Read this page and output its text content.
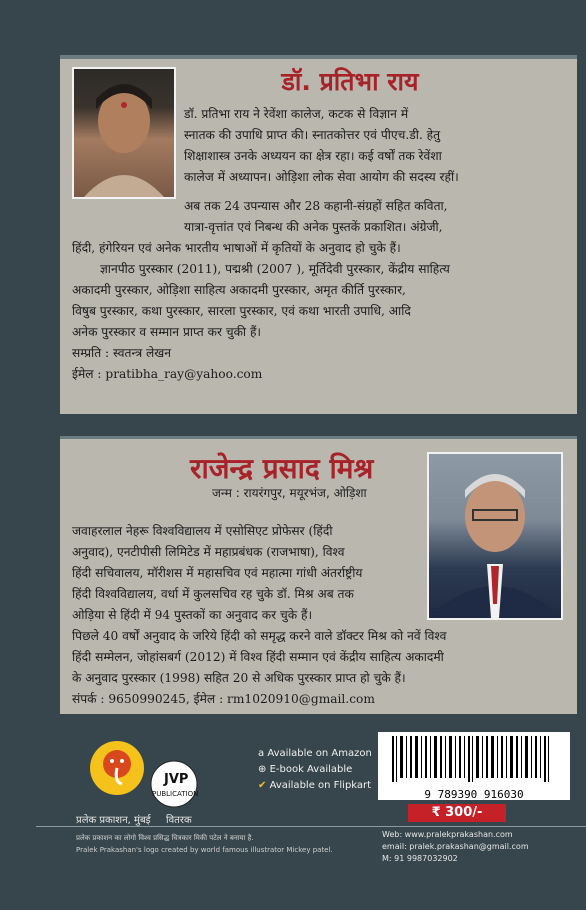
डॉ. प्रतिभा राय
डॉ. प्रतिभा राय ने रेवेंशा कालेज, कटक से विज्ञान में
स्नातक की उपाधि प्राप्त की। स्नातकोत्तर एवं पीएच.डी. हेतु
शिक्षाशास्त्र उनके अध्ययन का क्षेत्र रहा। कई वर्षों तक रेवेंशा
कालेज में अध्यापन। ओड़िशा लोक सेवा आयोग की सदस्य रहीं।
अब तक 24 उपन्यास और 28 कहानी-संग्रहों सहित कविता,
यात्रा-वृत्तांत एवं निबन्ध की अनेक पुस्तकें प्रकाशित। अंग्रेजी,
हिंदी, हंगेरियन एवं अनेक भारतीय भाषाओं में कृतियों के अनुवाद हो चुके हैं।
ज्ञानपीठ पुरस्कार (2011), पद्मश्री (2007 ), मूर्तिदेवी पुरस्कार, केंद्रीय साहित्य
अकादमी पुरस्कार, ओड़िशा साहित्य अकादमी पुरस्कार, अमृत कीर्ति पुरस्कार,
विषुब पुरस्कार, कथा पुरस्कार, सारला पुरस्कार, एवं कथा भारती उपाधि, आदि
अनेक पुरस्कार व सम्मान प्राप्त कर चुकी हैं।
सम्प्रति : स्वतन्त्र लेखन
ईमेल : pratibha_ray@yahoo.com
राजेन्द्र प्रसाद मिश्र
जन्म : रायरंगपुर, मयूरभंज, ओड़िशा
जवाहरलाल नेहरू विश्वविद्यालय में एसोसिएट प्रोफेसर (हिंदी
अनुवाद), एनटीपीसी लिमिटेड में महाप्रबंधक (राजभाषा), विश्व
हिंदी सचिवालय, मॉरीशस में महासचिव एवं महात्मा गांधी अंतर्राष्ट्रीय
हिंदी विश्वविद्यालय, वर्धा में कुलसचिव रह चुके डॉ. मिश्र अब तक
ओड़िया से हिंदी में 94 पुस्तकों का अनुवाद कर चुके हैं।
पिछले 40 वर्षों अनुवाद के जरिये हिंदी को समृद्ध करने वाले डॉक्टर मिश्र को नवें विश्व
हिंदी सम्मेलन, जोहांसबर्ग (2012) में विश्व हिंदी सम्मान एवं केंद्रीय साहित्य अकादमी
के अनुवाद पुरस्कार (1998) सहित 20 से अधिक पुरस्कार प्राप्त हो चुके हैं।
संपर्क : 9650990245, ईमेल : rm1020910@gmail.com
प्रलेक प्रकाशन, मुंबई
JVP
PUBLICATION
वितरक
a Available on Amazon
⊕ E-book Available
✔ Available on Flipkart
9 789390 916030
₹ 300/-
प्रलेक प्रकाशन का लोगो विश्व प्रसिद्ध चित्रकार मिकी पटेल ने बनाया है.
Pralek Prakashan's logo created by world famous illustrator Mickey patel.
Web: www.pralekprakashan.com
email: pralek.prakashan@gmail.com
M: 91 9987032902
